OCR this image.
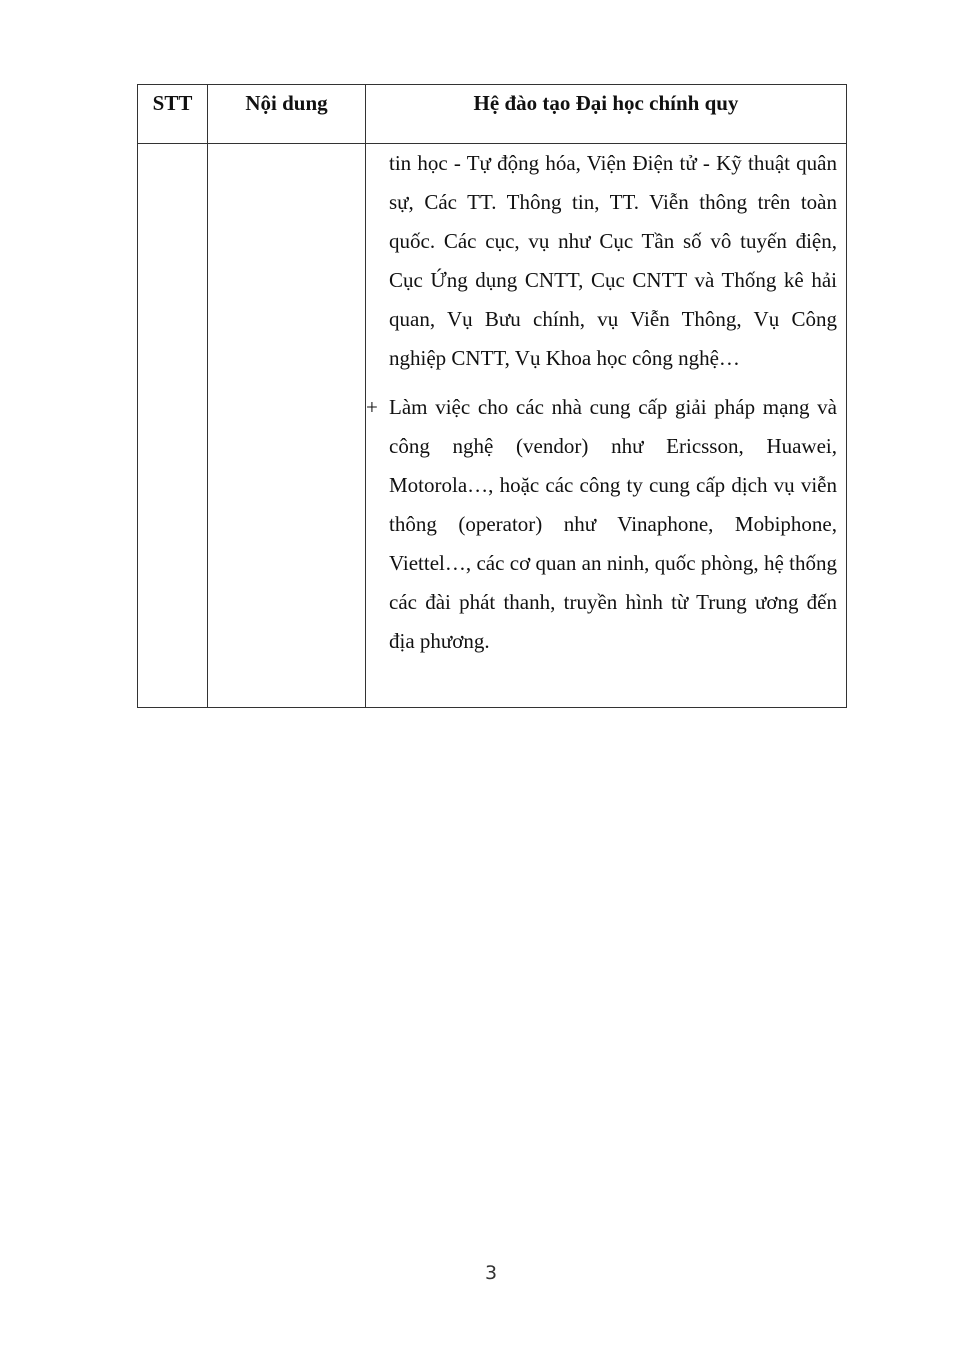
STT	Nội dung	Hệ đào tạo Đại học chính quy

		tin học - Tự động hóa, Viện Điện tử - Kỹ thuật quân sự, Các TT. Thông tin, TT. Viễn thông trên toàn quốc. Các cục, vụ như Cục Tần số vô tuyến điện, Cục Ứng dụng CNTT, Cục CNTT và Thống kê hải quan, Vụ Bưu chính, vụ Viễn Thông, Vụ Công nghiệp CNTT, Vụ Khoa học công nghệ…
+ Làm việc cho các nhà cung cấp giải pháp mạng và công nghệ (vendor) như Ericsson, Huawei, Motorola…, hoặc các công ty cung cấp dịch vụ viễn thông (operator) như Vinaphone, Mobiphone, Viettel…, các cơ quan an ninh, quốc phòng, hệ thống các đài phát thanh, truyền hình từ Trung ương đến địa phương.
3
